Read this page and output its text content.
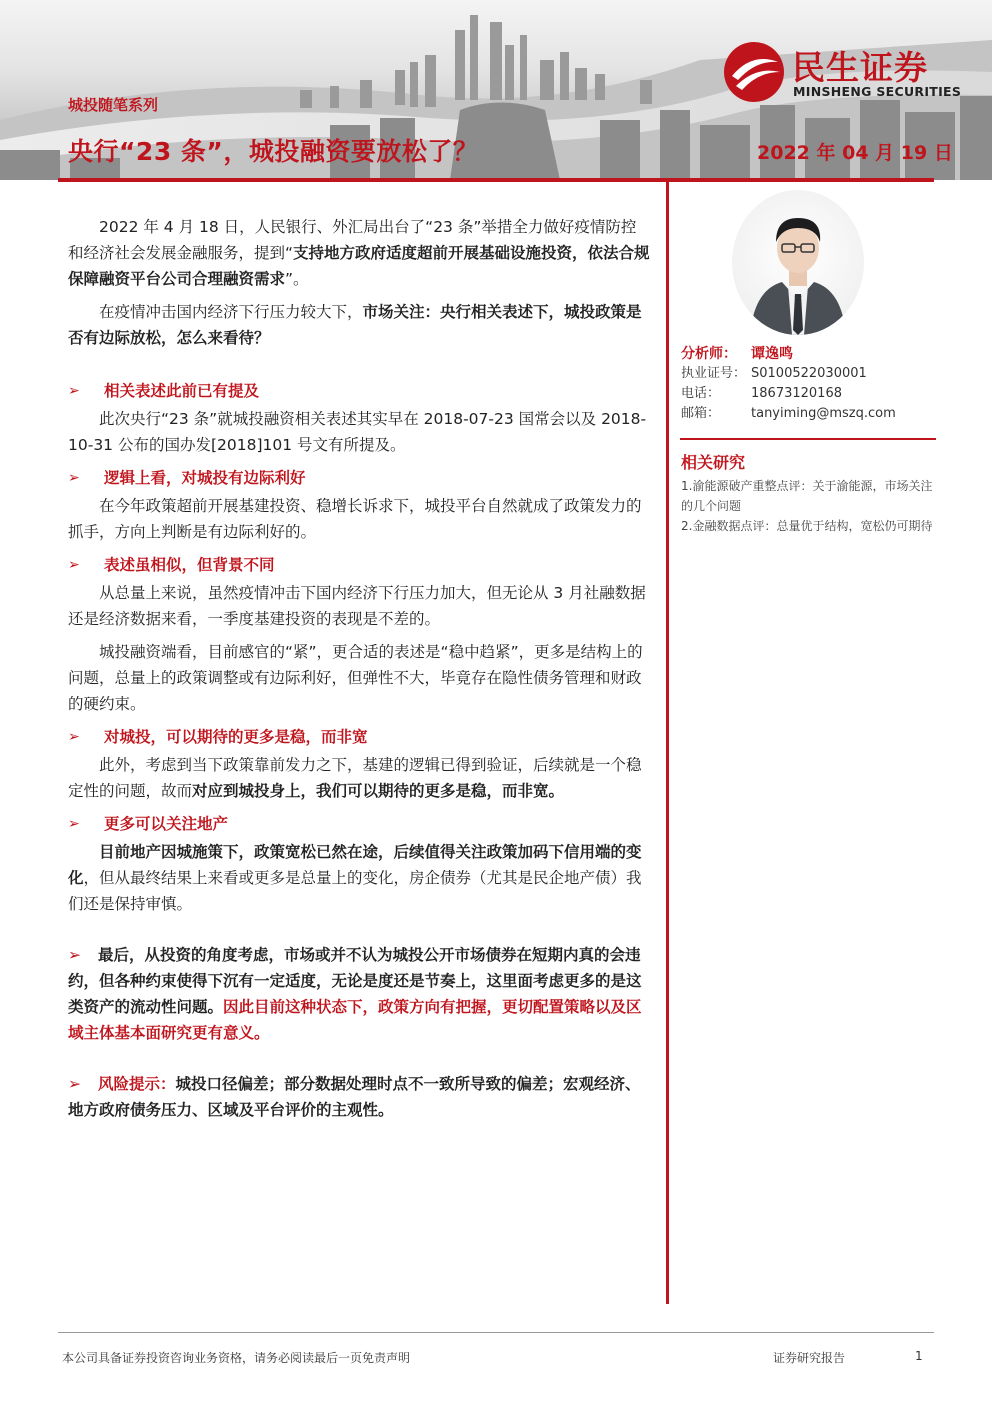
城投随笔系列
央行“23 条”，城投融资要放松了？	2022 年 04 月 19 日
民生证券
MINSHENG SECURITIES

2022 年 4 月 18 日，人民银行、外汇局出台了“23 条”举措全力做好疫情防控和经济社会发展金融服务，提到“支持地方政府适度超前开展基础设施投资，依法合规保障融资平台公司合理融资需求”。

在疫情冲击国内经济下行压力较大下，市场关注：央行相关表述下，城投政策是否有边际放松，怎么来看待？

➢	相关表述此前已有提及

此次央行“23 条”就城投融资相关表述其实早在 2018-07-23 国常会以及 2018-10-31 公布的国办发[2018]101 号文有所提及。

➢	逻辑上看，对城投有边际利好

在今年政策超前开展基建投资、稳增长诉求下，城投平台自然就成了政策发力的抓手，方向上判断是有边际利好的。

➢	表述虽相似，但背景不同

从总量上来说，虽然疫情冲击下国内经济下行压力加大，但无论从 3 月社融数据还是经济数据来看，一季度基建投资的表现是不差的。

城投融资端看，目前感官的“紧”，更合适的表述是“稳中趋紧”，更多是结构上的问题，总量上的政策调整或有边际利好，但弹性不大，毕竟存在隐性债务管理和财政的硬约束。

➢	对城投，可以期待的更多是稳，而非宽

此外，考虑到当下政策靠前发力之下，基建的逻辑已得到验证，后续就是一个稳定性的问题，故而对应到城投身上，我们可以期待的更多是稳，而非宽。

➢	更多可以关注地产

目前地产因城施策下，政策宽松已然在途，后续值得关注政策加码下信用端的变化，但从最终结果上来看或更多是总量上的变化，房企债券（尤其是民企地产债）我们还是保持审慎。

➢ 最后，从投资的角度考虑，市场或并不认为城投公开市场债券在短期内真的会违约，但各种约束使得下沉有一定适度，无论是度还是节奏上，这里面考虑更多的是这类资产的流动性问题。因此目前这种状态下，政策方向有把握，更切配置策略以及区域主体基本面研究更有意义。

➢ 风险提示：城投口径偏差；部分数据处理时点不一致所导致的偏差；宏观经济、地方政府债务压力、区域及平台评价的主观性。

分析师：	谭逸鸣
执业证号： S0100522030001
电话：	18673120168
邮箱：	tanyiming@mszq.com
相关研究
1.渝能源破产重整点评：关于渝能源，市场关注的几个问题
2.金融数据点评：总量优于结构，宽松仍可期待
本公司具备证券投资咨询业务资格，请务必阅读最后一页免责声明	证券研究报告	1
